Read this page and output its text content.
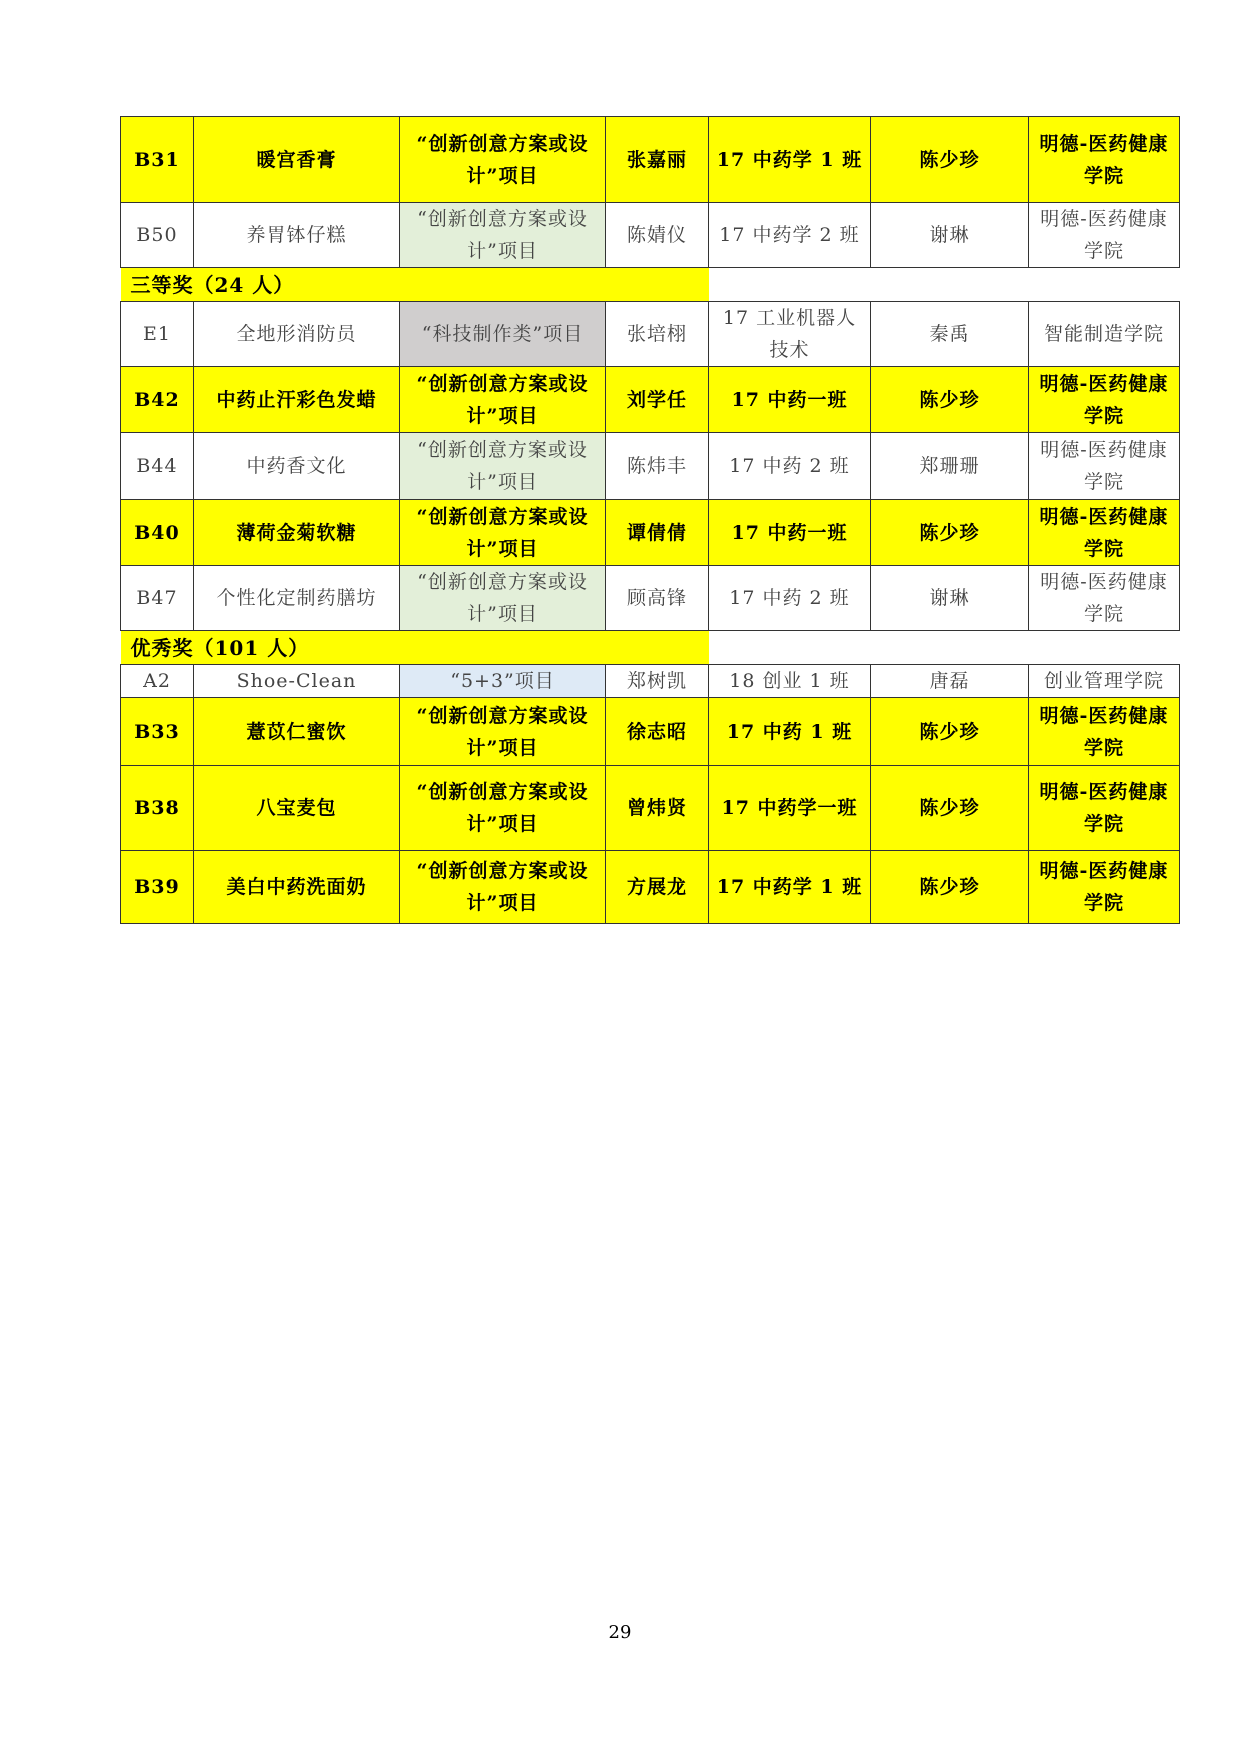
B31	暖宫香膏	“创新创意方案或设计”项目	张嘉丽	17 中药学 1 班	陈少珍	明德-医药健康学院
B50	养胃钵仔糕	“创新创意方案或设计”项目	陈婧仪	17 中药学 2 班	谢琳	明德-医药健康学院
三等奖（24 人）						
E1	全地形消防员	“科技制作类”项目	张培栩	17 工业机器人技术	秦禹	智能制造学院
B42	中药止汗彩色发蜡	“创新创意方案或设计”项目	刘学任	17 中药一班	陈少珍	明德-医药健康学院
B44	中药香文化	“创新创意方案或设计”项目	陈炜丰	17 中药 2 班	郑珊珊	明德-医药健康学院
B40	薄荷金菊软糖	“创新创意方案或设计”项目	谭倩倩	17 中药一班	陈少珍	明德-医药健康学院
B47	个性化定制药膳坊	“创新创意方案或设计”项目	顾高锋	17 中药 2 班	谢琳	明德-医药健康学院
优秀奖（101 人）						
A2	Shoe-Clean	“5+3”项目	郑树凯	18 创业 1 班	唐磊	创业管理学院
B33	薏苡仁蜜饮	“创新创意方案或设计”项目	徐志昭	17 中药 1 班	陈少珍	明德-医药健康学院
B38	八宝麦包	“创新创意方案或设计”项目	曾炜贤	17 中药学一班	陈少珍	明德-医药健康学院
B39	美白中药洗面奶	“创新创意方案或设计”项目	方展龙	17 中药学 1 班	陈少珍	明德-医药健康学院
29
